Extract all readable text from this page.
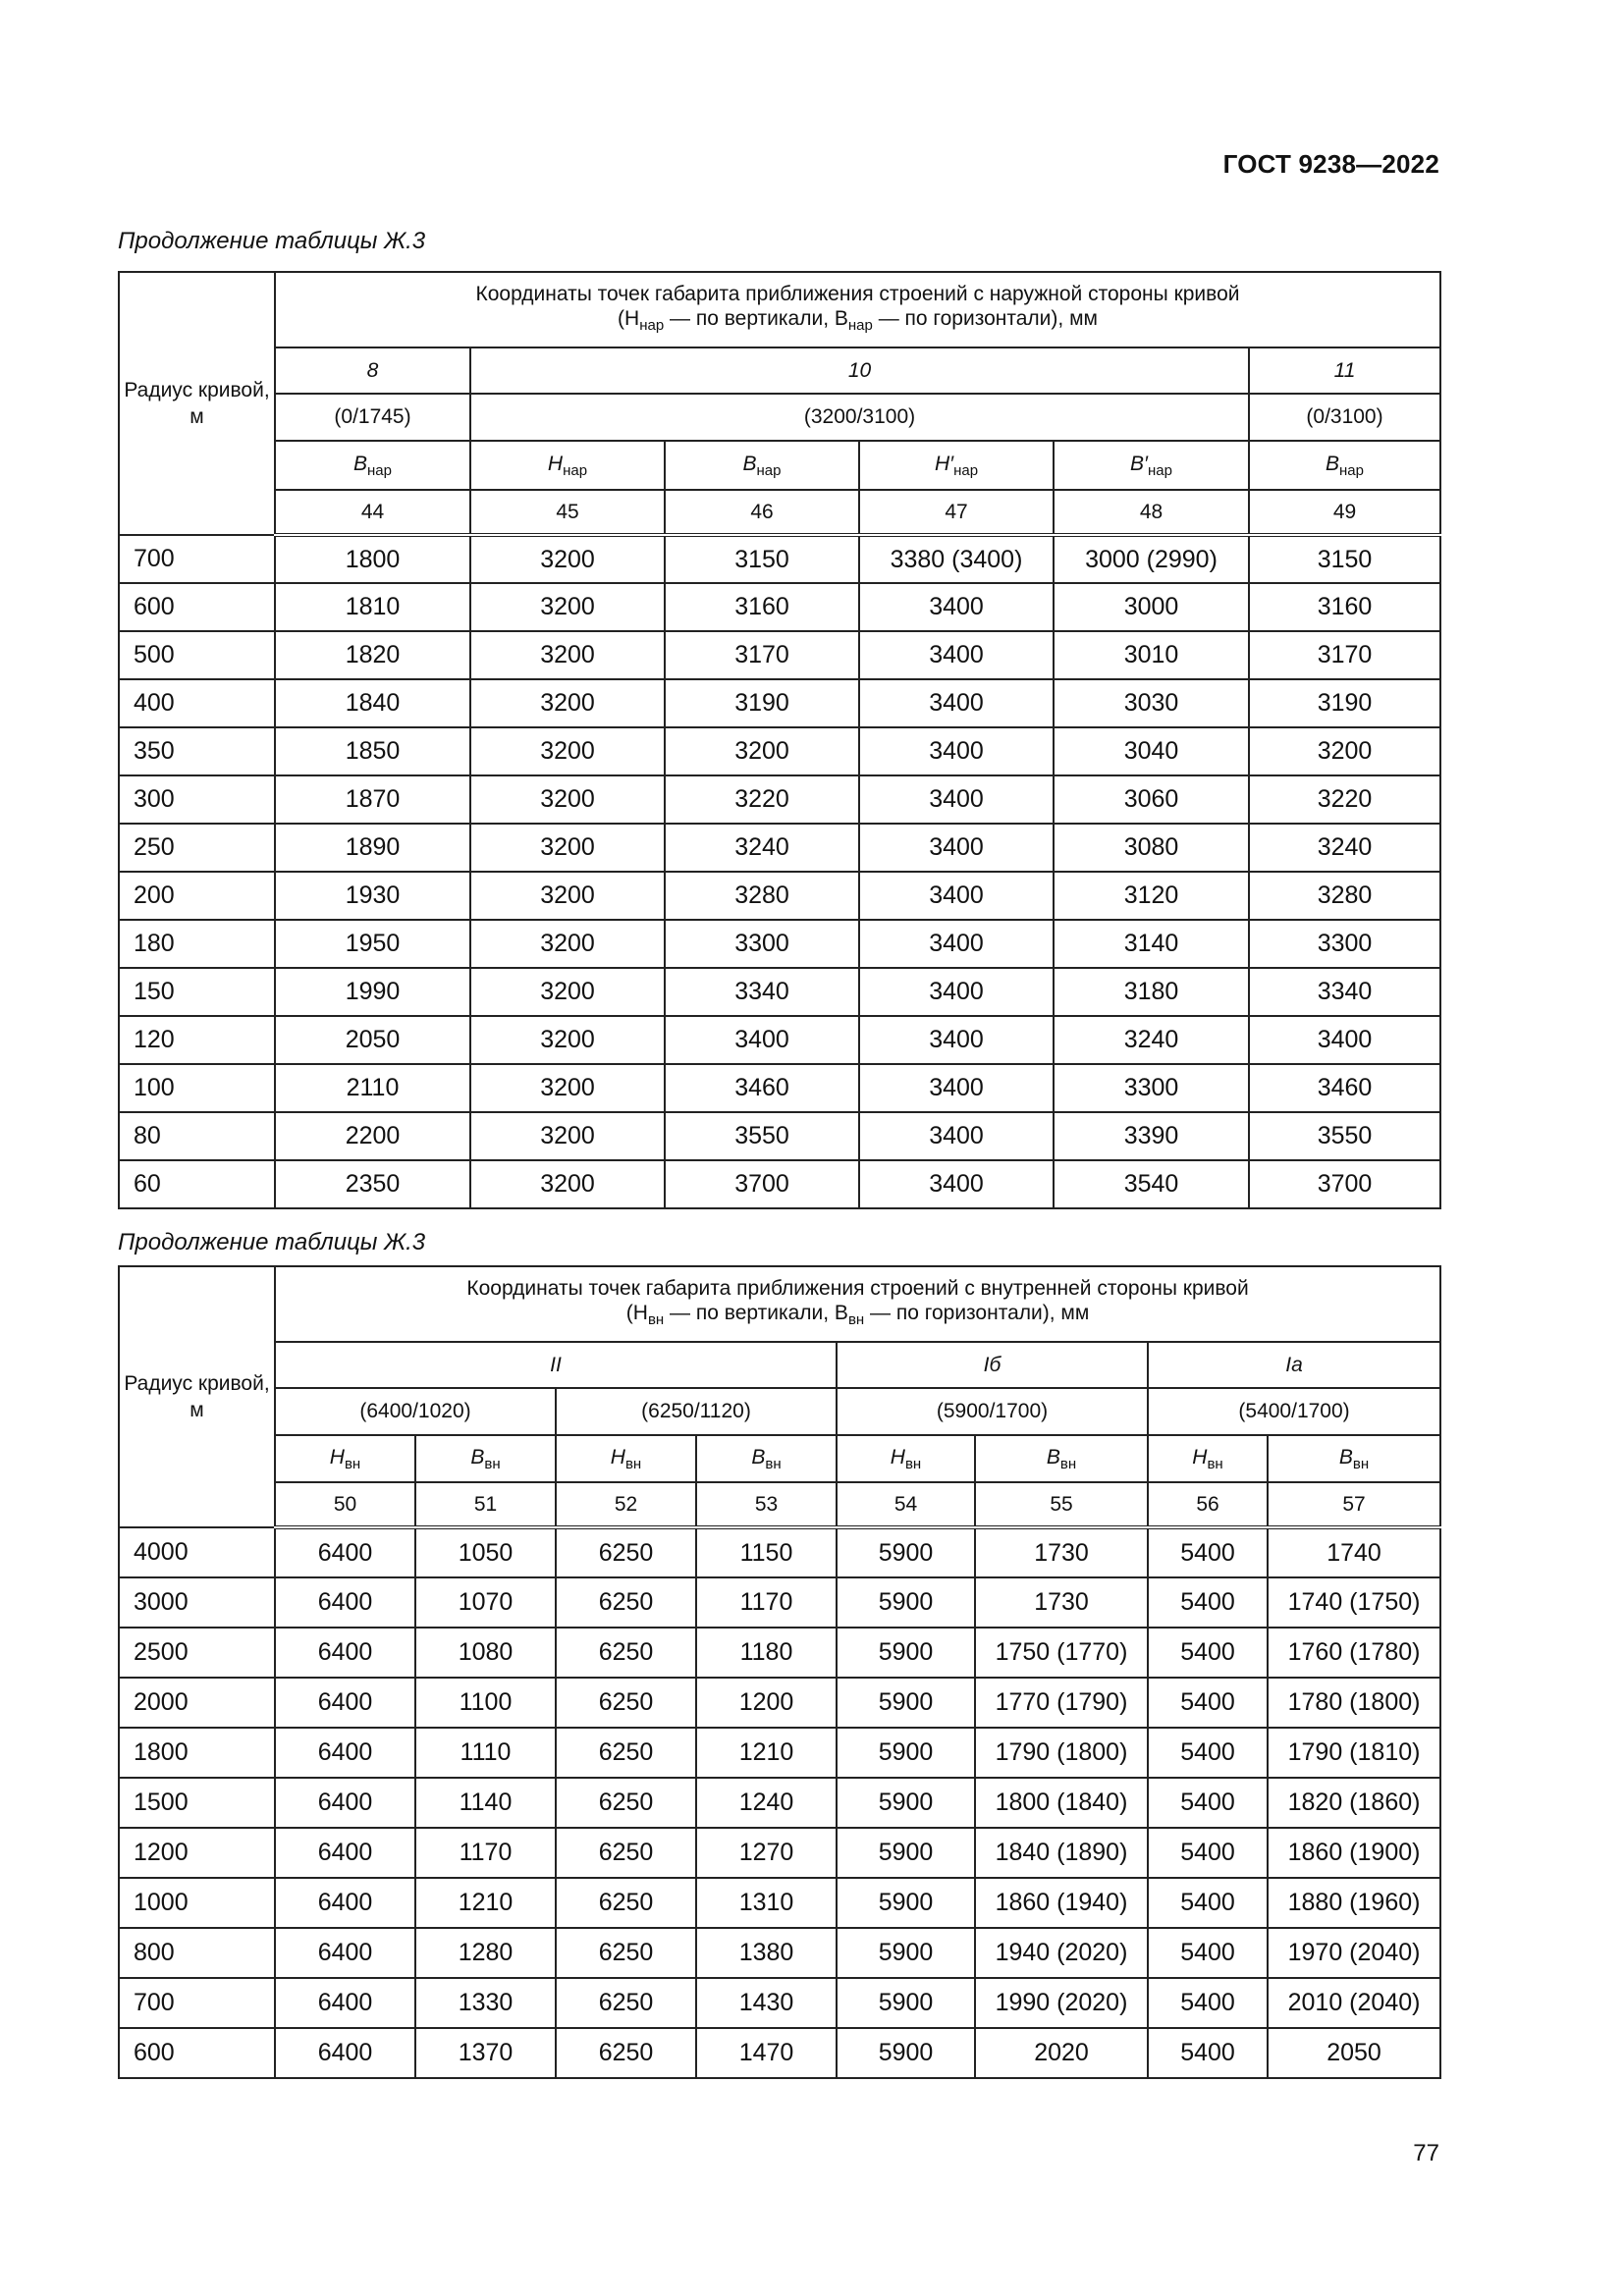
ГОСТ 9238—2022
Продолжение таблицы Ж.3
Радиус кривой, м	Координаты точек габарита приближения строений с наружной стороны кривой
($H_{нар}$ — по вертикали, $B_{нар}$ — по горизонтали), мм					

	8	10				11
	(0/1745)	(3200/3100)				(0/3100)
	$B_{нар}$	$H_{нар}$	$B_{нар}$	$H'_{нар}$	$B'_{нар}$	$B_{нар}$
	44	45	46	47	48	49
700	1800	3200	3150	3380 (3400)	3000 (2990)	3150
600	1810	3200	3160	3400	3000	3160
500	1820	3200	3170	3400	3010	3170
400	1840	3200	3190	3400	3030	3190
350	1850	3200	3200	3400	3040	3200
300	1870	3200	3220	3400	3060	3220
250	1890	3200	3240	3400	3080	3240
200	1930	3200	3280	3400	3120	3280
180	1950	3200	3300	3400	3140	3300
150	1990	3200	3340	3400	3180	3340
120	2050	3200	3400	3400	3240	3400
100	2110	3200	3460	3400	3300	3460
80	2200	3200	3550	3400	3390	3550
60	2350	3200	3700	3400	3540	3700
Продолжение таблицы Ж.3
Радиус кривой, м	Координаты точек габарита приближения строений с внутренней стороны кривой
($H_{вн}$ — по вертикали, $B_{вн}$ — по горизонтали), мм							

	II				Iб		Iа	
	(6400/1020)		(6250/1120)		(5900/1700)		(5400/1700)	
	$H_{вн}$	$B_{вн}$	$H_{вн}$	$B_{вн}$	$H_{вн}$	$B_{вн}$	$H_{вн}$	$B_{вн}$
	50	51	52	53	54	55	56	57
4000	6400	1050	6250	1150	5900	1730	5400	1740
3000	6400	1070	6250	1170	5900	1730	5400	1740 (1750)
2500	6400	1080	6250	1180	5900	1750 (1770)	5400	1760 (1780)
2000	6400	1100	6250	1200	5900	1770 (1790)	5400	1780 (1800)
1800	6400	1110	6250	1210	5900	1790 (1800)	5400	1790 (1810)
1500	6400	1140	6250	1240	5900	1800 (1840)	5400	1820 (1860)
1200	6400	1170	6250	1270	5900	1840 (1890)	5400	1860 (1900)
1000	6400	1210	6250	1310	5900	1860 (1940)	5400	1880 (1960)
800	6400	1280	6250	1380	5900	1940 (2020)	5400	1970 (2040)
700	6400	1330	6250	1430	5900	1990 (2020)	5400	2010 (2040)
600	6400	1370	6250	1470	5900	2020	5400	2050
77
